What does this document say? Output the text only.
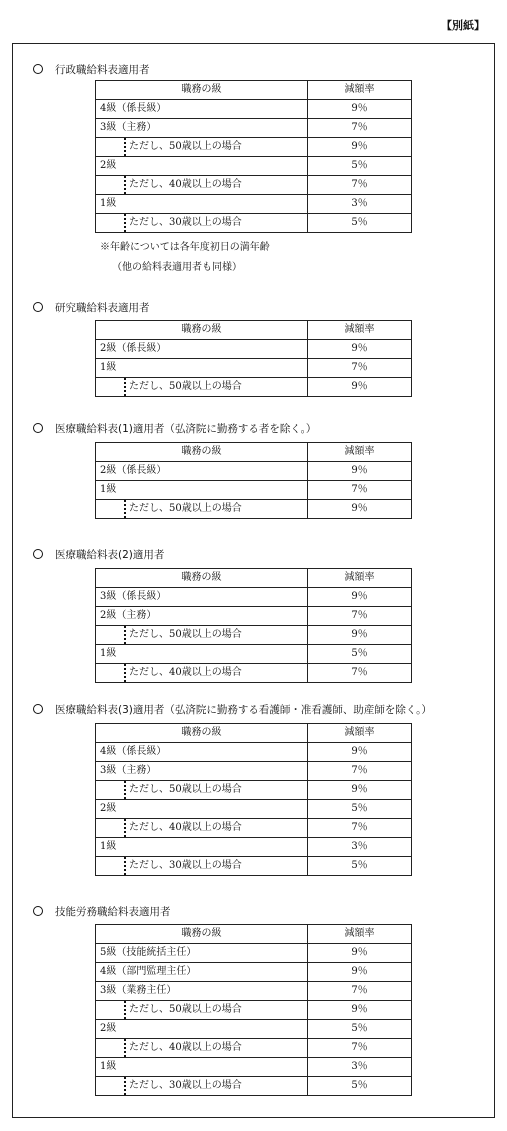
【別紙】
行政職給料表適用者
職務の級	減額率
4級（係長級）	9％
3級（主務）	7％
ただし、50歳以上の場合	9％
2級	5％
ただし、40歳以上の場合	7％
1級	3％
ただし、30歳以上の場合	5％
※年齢については各年度初日の満年齢
（他の給料表適用者も同様）
研究職給料表適用者
職務の級	減額率
2級（係長級）	9％
1級	7％
ただし、50歳以上の場合	9％
医療職給料表(1)適用者（弘済院に勤務する者を除く。）
職務の級	減額率
2級（係長級）	9％
1級	7％
ただし、50歳以上の場合	9％
医療職給料表(2)適用者
職務の級	減額率
3級（係長級）	9％
2級（主務）	7％
ただし、50歳以上の場合	9％
1級	5％
ただし、40歳以上の場合	7％
医療職給料表(3)適用者（弘済院に勤務する看護師・准看護師、助産師を除く。）
職務の級	減額率
4級（係長級）	9％
3級（主務）	7％
ただし、50歳以上の場合	9％
2級	5％
ただし、40歳以上の場合	7％
1級	3％
ただし、30歳以上の場合	5％
技能労務職給料表適用者
職務の級	減額率
5級（技能統括主任）	9％
4級（部門監理主任）	9％
3級（業務主任）	7％
ただし、50歳以上の場合	9％
2級	5％
ただし、40歳以上の場合	7％
1級	3％
ただし、30歳以上の場合	5％
